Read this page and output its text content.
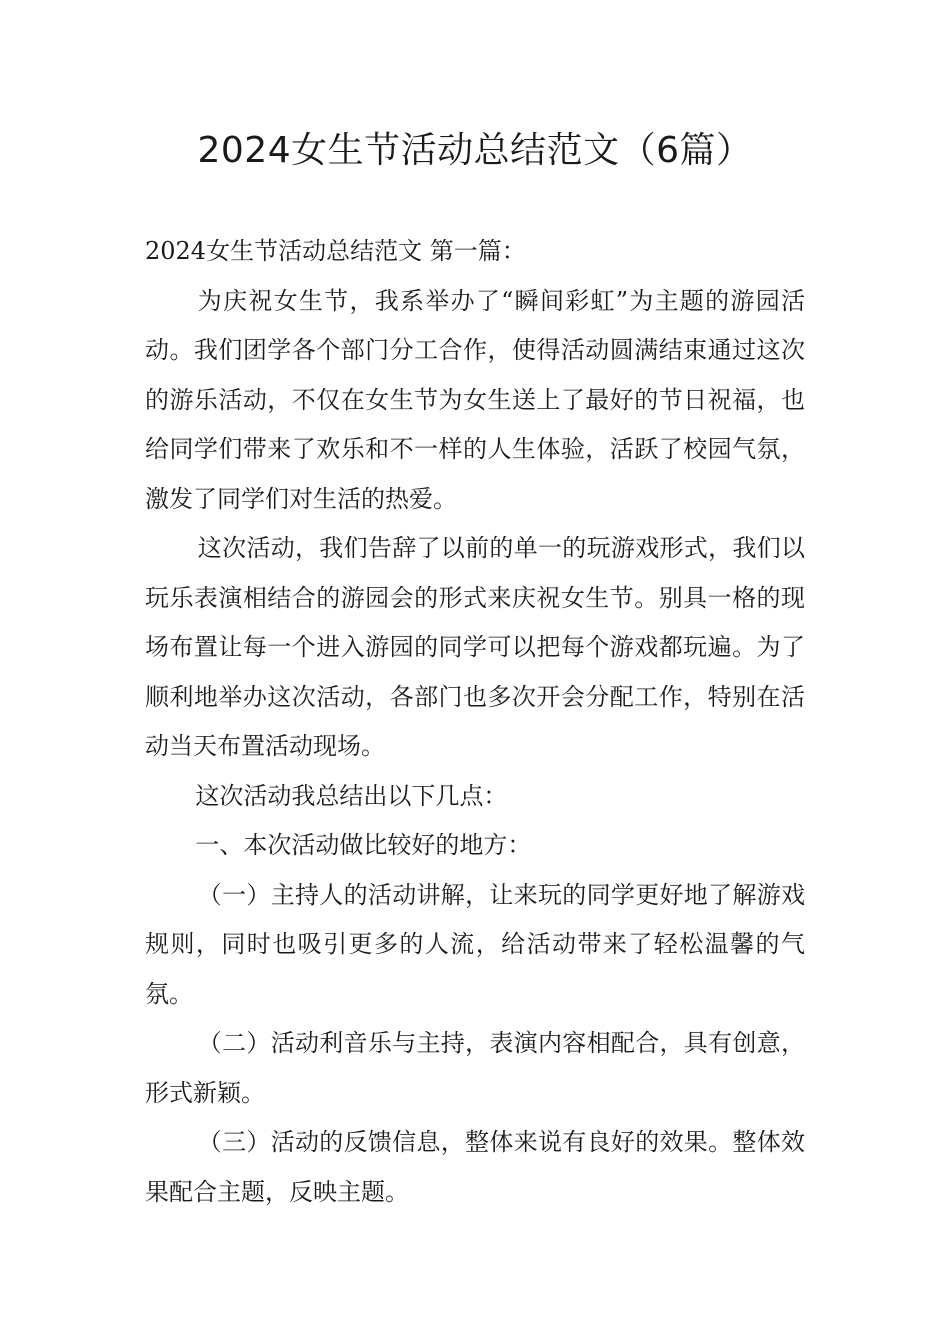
2024女生节活动总结范文（6篇）

2024女生节活动总结范文 第一篇：

为庆祝女生节，我系举办了“瞬间彩虹”为主题的游园活动。我们团学各个部门分工合作，使得活动圆满结束通过这次的游乐活动，不仅在女生节为女生送上了最好的节日祝福，也给同学们带来了欢乐和不一样的人生体验，活跃了校园气氛，激发了同学们对生活的热爱。

这次活动，我们告辞了以前的单一的玩游戏形式，我们以玩乐表演相结合的游园会的形式来庆祝女生节。别具一格的现场布置让每一个进入游园的同学可以把每个游戏都玩遍。为了顺利地举办这次活动，各部门也多次开会分配工作，特别在活动当天布置活动现场。

这次活动我总结出以下几点：

一、本次活动做比较好的地方：

（一）主持人的活动讲解，让来玩的同学更好地了解游戏规则，同时也吸引更多的人流，给活动带来了轻松温馨的气氛。

（二）活动利音乐与主持，表演内容相配合，具有创意，形式新颖。

（三）活动的反馈信息，整体来说有良好的效果。整体效果配合主题，反映主题。
